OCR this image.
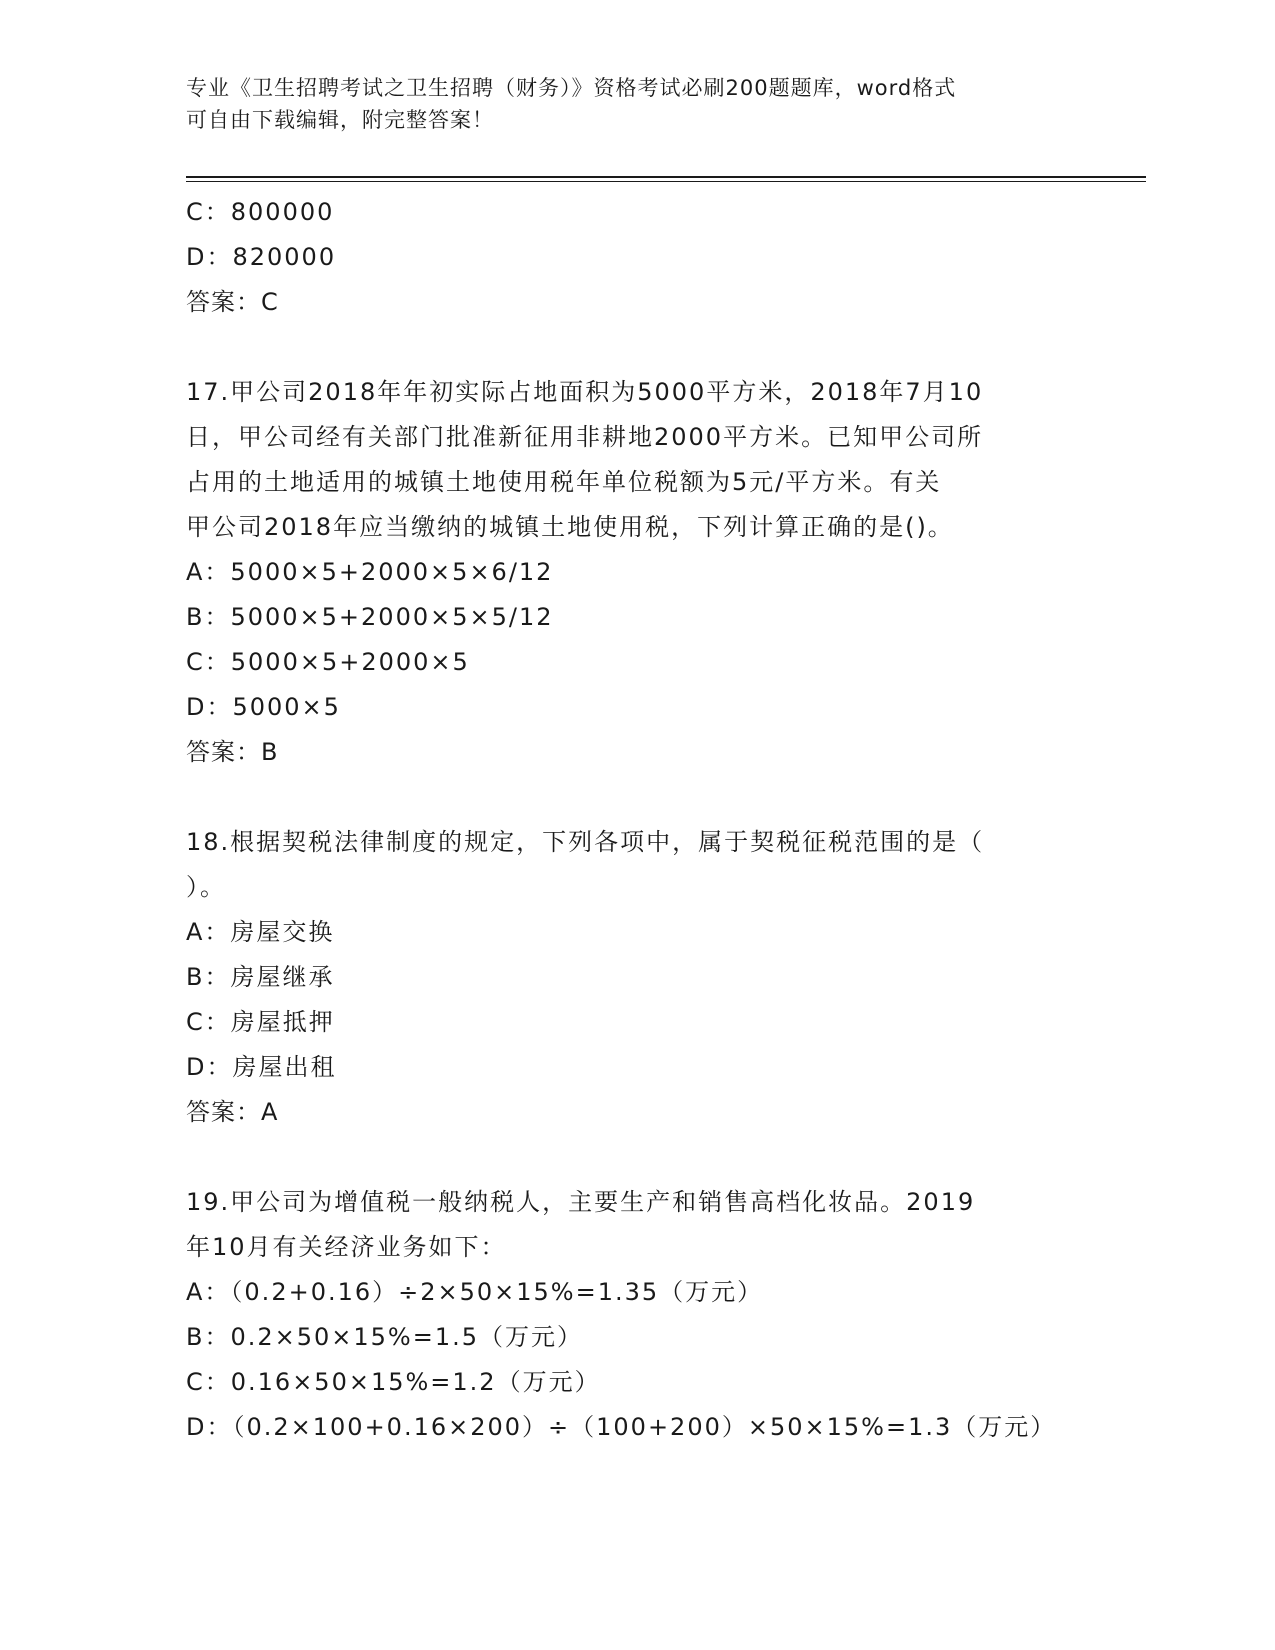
专业《卫生招聘考试之卫生招聘（财务）》资格考试必刷200题题库，word格式
可自由下载编辑，附完整答案！
C：800000
D：820000
答案：C
17.甲公司2018年年初实际占地面积为5000平方米，2018年7月10
日，甲公司经有关部门批准新征用非耕地2000平方米。已知甲公司所
占用的土地适用的城镇土地使用税年单位税额为5元/平方米。有关
甲公司2018年应当缴纳的城镇土地使用税，下列计算正确的是()。
A：5000×5+2000×5×6/12
B：5000×5+2000×5×5/12
C：5000×5+2000×5
D：5000×5
答案：B
18.根据契税法律制度的规定，下列各项中，属于契税征税范围的是（
）。
A：房屋交换
B：房屋继承
C：房屋抵押
D：房屋出租
答案：A
19.甲公司为增值税一般纳税人，主要生产和销售高档化妆品。2019
年10月有关经济业务如下：
A：（0.2+0.16）÷2×50×15%=1.35（万元）
B：0.2×50×15%=1.5（万元）
C：0.16×50×15%=1.2（万元）
D：（0.2×100+0.16×200）÷（100+200）×50×15%=1.3（万元）
